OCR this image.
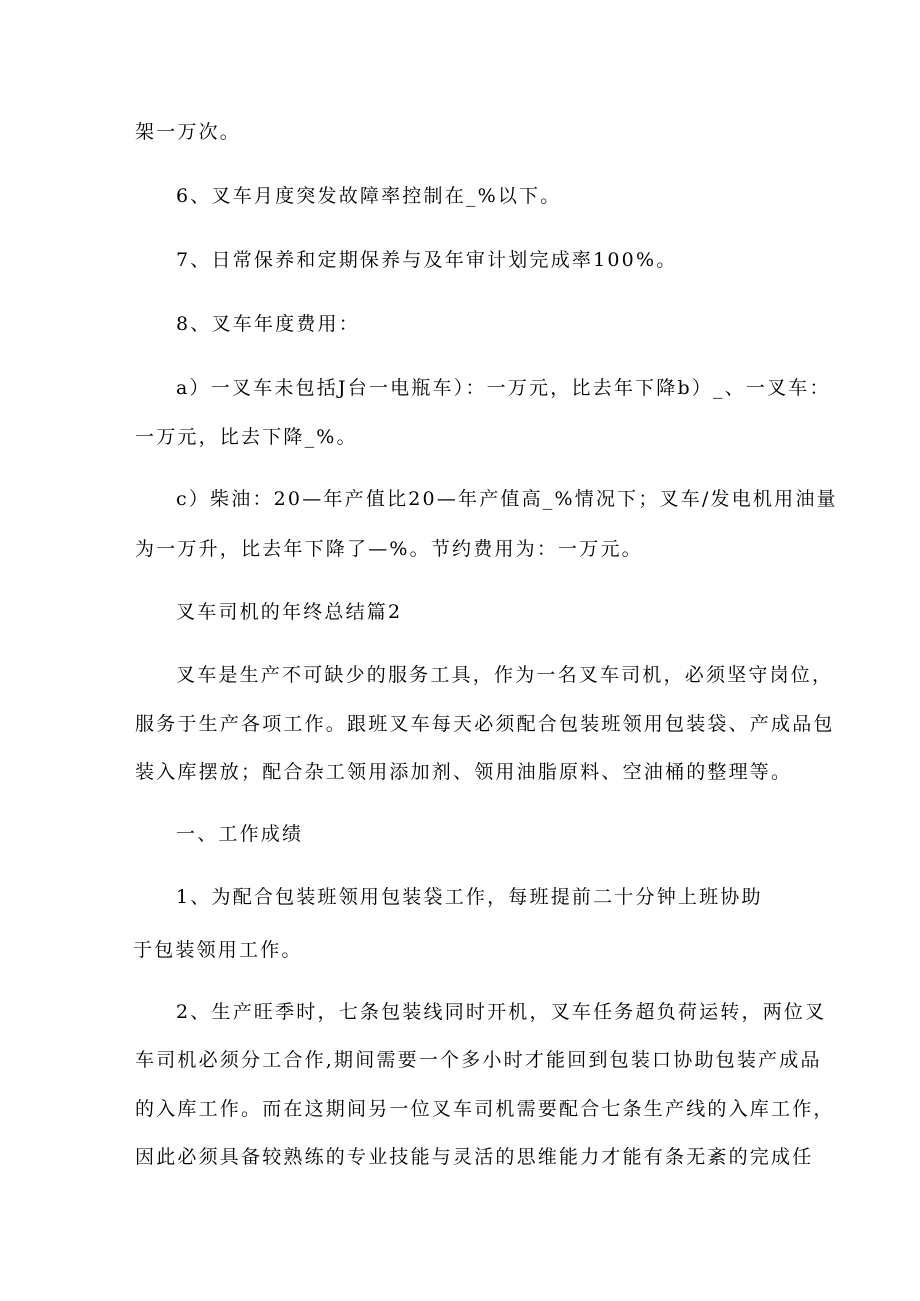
架一万次。
6、叉车月度突发故障率控制在_%以下。
7、日常保养和定期保养与及年审计划完成率100%。
8、叉车年度费用：
a）一叉车未包括J台一电瓶车）：一万元，比去年下降b）_、一叉车：
一万元，比去下降_%。
c）柴油：20—年产值比20—年产值高_%情况下；叉车/发电机用油量
为一万升，比去年下降了—%。节约费用为：一万元。
叉车司机的年终总结篇2
叉车是生产不可缺少的服务工具，作为一名叉车司机，必须坚守岗位，
服务于生产各项工作。跟班叉车每天必须配合包装班领用包装袋、产成品包
装入库摆放；配合杂工领用添加剂、领用油脂原料、空油桶的整理等。
一、工作成绩
1、为配合包装班领用包装袋工作，每班提前二十分钟上班协助
于包装领用工作。
2、生产旺季时，七条包装线同时开机，叉车任务超负荷运转，两位叉
车司机必须分工合作,期间需要一个多小时才能回到包装口协助包装产成品
的入库工作。而在这期间另一位叉车司机需要配合七条生产线的入库工作，
因此必须具备较熟练的专业技能与灵活的思维能力才能有条无紊的完成任
